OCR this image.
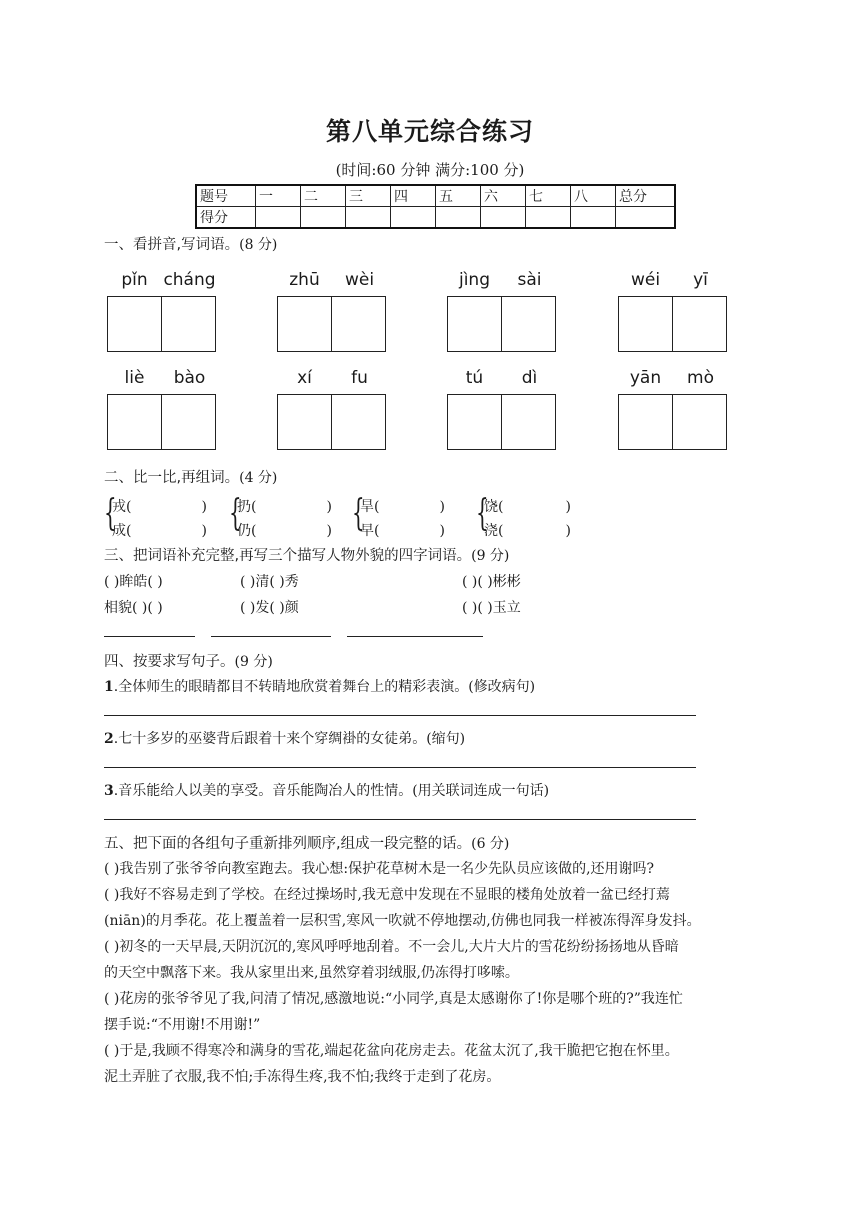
第八单元综合练习
(时间:60 分钟 满分:100 分)
题号	一	二	三	四	五	六	七	八	总分
得分									
一、看拼音,写词语。(8 分)
pǐn cháng	zhū	wèi	jìng	sài	wéi	yī
liè	bào	xí	fu	tú	dì	yān	mò
二、比一比,再组词。(4 分)
{
戎(	)
成(	) {
扔(	)
仍(	) {
旱(	)
早(	) {
饶(	)
浇(	)
三、把词语补充完整,再写三个描写人物外貌的四字词语。(9 分)
( )眸皓( )	( )清( )秀	( )( )彬彬
相貌( )( )	( )发( )颜	( )( )玉立
四、按要求写句子。(9 分)
1.全体师生的眼睛都目不转睛地欣赏着舞台上的精彩表演。(修改病句)
2.七十多岁的巫婆背后跟着十来个穿绸褂的女徒弟。(缩句)
3.音乐能给人以美的享受。音乐能陶冶人的性情。(用关联词连成一句话)
五、把下面的各组句子重新排列顺序,组成一段完整的话。(6 分)
( )我告别了张爷爷向教室跑去。我心想:保护花草树木是一名少先队员应该做的,还用谢吗?
( )我好不容易走到了学校。在经过操场时,我无意中发现在不显眼的楼角处放着一盆已经打蔫
(niān)的月季花。花上覆盖着一层积雪,寒风一吹就不停地摆动,仿佛也同我一样被冻得浑身发抖。
( )初冬的一天早晨,天阴沉沉的,寒风呼呼地刮着。不一会儿,大片大片的雪花纷纷扬扬地从昏暗
的天空中飘落下来。我从家里出来,虽然穿着羽绒服,仍冻得打哆嗦。
( )花房的张爷爷见了我,问清了情况,感激地说:“小同学,真是太感谢你了!你是哪个班的?”我连忙
摆手说:“不用谢!不用谢!”
( )于是,我顾不得寒冷和满身的雪花,端起花盆向花房走去。花盆太沉了,我干脆把它抱在怀里。
泥土弄脏了衣服,我不怕;手冻得生疼,我不怕;我终于走到了花房。
